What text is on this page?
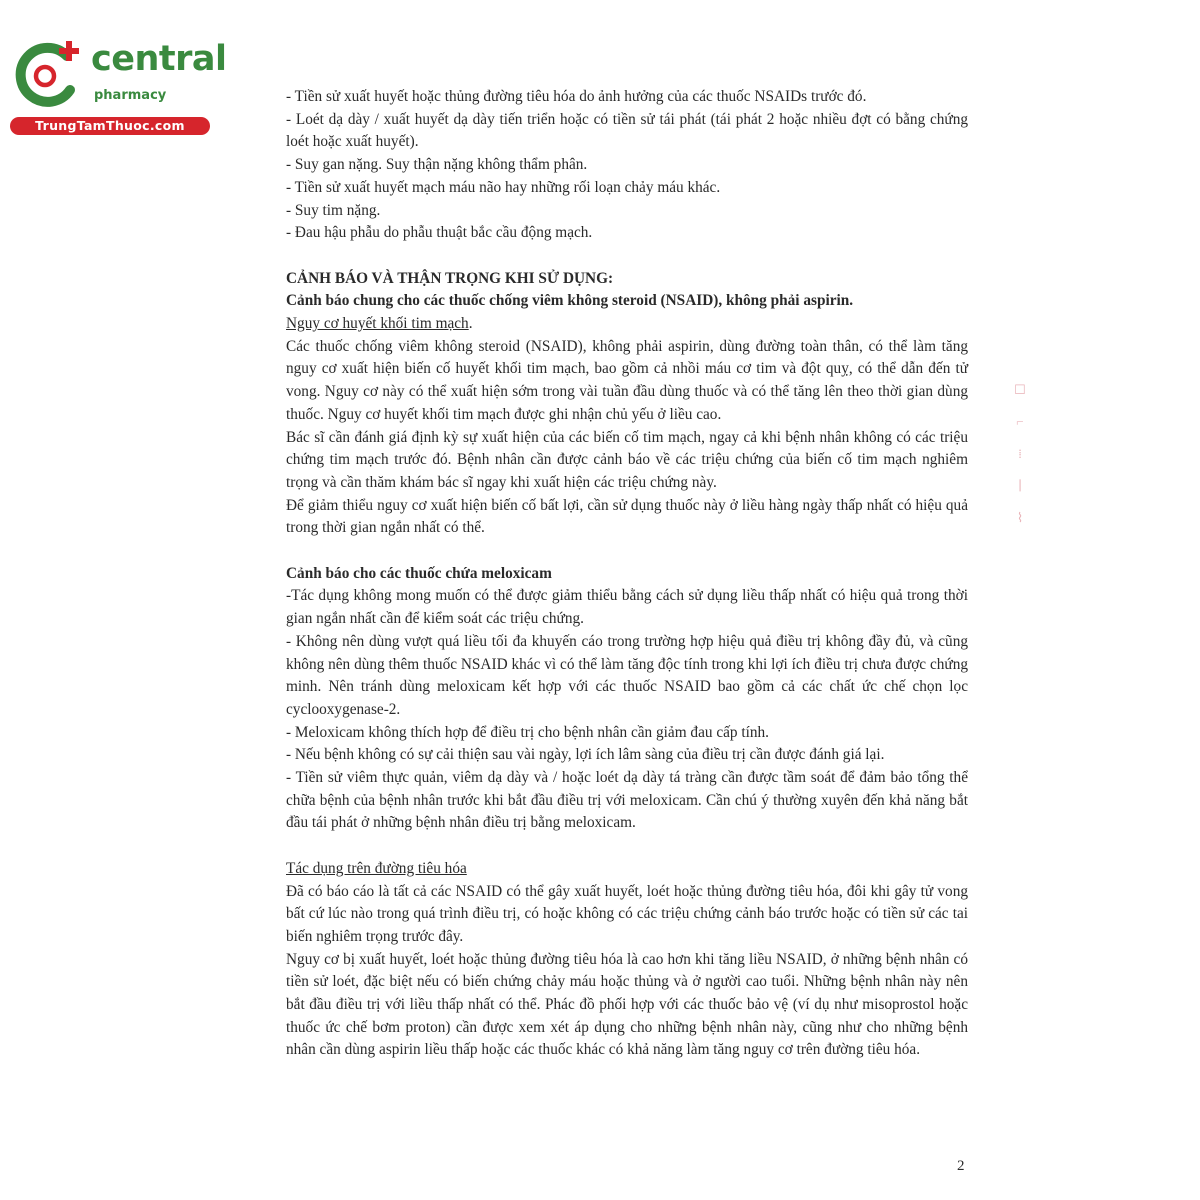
central
pharmacy
TrungTamThuoc.com
☐
⌐
⁞
∣
⌇

- Tiền sử xuất huyết hoặc thủng đường tiêu hóa do ảnh hưởng của các thuốc NSAIDs trước đó.

- Loét dạ dày / xuất huyết dạ dày tiến triển hoặc có tiền sử tái phát (tái phát 2 hoặc nhiều đợt có bằng chứng loét hoặc xuất huyết).

- Suy gan nặng. Suy thận nặng không thẩm phân.

- Tiền sử xuất huyết mạch máu não hay những rối loạn chảy máu khác.

- Suy tim nặng.

- Đau hậu phẫu do phẫu thuật bắc cầu động mạch.

CẢNH BÁO VÀ THẬN TRỌNG KHI SỬ DỤNG:

Cảnh báo chung cho các thuốc chống viêm không steroid (NSAID), không phải aspirin.

Nguy cơ huyết khối tim mạch.

Các thuốc chống viêm không steroid (NSAID), không phải aspirin, dùng đường toàn thân, có thể làm tăng nguy cơ xuất hiện biến cố huyết khối tim mạch, bao gồm cả nhồi máu cơ tim và đột quỵ, có thể dẫn đến tử vong. Nguy cơ này có thể xuất hiện sớm trong vài tuần đầu dùng thuốc và có thể tăng lên theo thời gian dùng thuốc. Nguy cơ huyết khối tim mạch được ghi nhận chủ yếu ở liều cao.

Bác sĩ cần đánh giá định kỳ sự xuất hiện của các biến cố tim mạch, ngay cả khi bệnh nhân không có các triệu chứng tim mạch trước đó. Bệnh nhân cần được cảnh báo về các triệu chứng của biến cố tim mạch nghiêm trọng và cần thăm khám bác sĩ ngay khi xuất hiện các triệu chứng này.

Để giảm thiểu nguy cơ xuất hiện biến cố bất lợi, cần sử dụng thuốc này ở liều hàng ngày thấp nhất có hiệu quả trong thời gian ngắn nhất có thể.

Cảnh báo cho các thuốc chứa meloxicam

-Tác dụng không mong muốn có thể được giảm thiểu bằng cách sử dụng liều thấp nhất có hiệu quả trong thời gian ngắn nhất cần để kiểm soát các triệu chứng.

- Không nên dùng vượt quá liều tối đa khuyến cáo trong trường hợp hiệu quả điều trị không đầy đủ, và cũng không nên dùng thêm thuốc NSAID khác vì có thể làm tăng độc tính trong khi lợi ích điều trị chưa được chứng minh. Nên tránh dùng meloxicam kết hợp với các thuốc NSAID bao gồm cả các chất ức chế chọn lọc cyclooxygenase-2.

- Meloxicam không thích hợp để điều trị cho bệnh nhân cần giảm đau cấp tính.

- Nếu bệnh không có sự cải thiện sau vài ngày, lợi ích lâm sàng của điều trị cần được đánh giá lại.

- Tiền sử viêm thực quản, viêm dạ dày và / hoặc loét dạ dày tá tràng cần được tầm soát để đảm bảo tổng thể chữa bệnh của bệnh nhân trước khi bắt đầu điều trị với meloxicam. Cần chú ý thường xuyên đến khả năng bắt đầu tái phát ở những bệnh nhân điều trị bằng meloxicam.

Tác dụng trên đường tiêu hóa

Đã có báo cáo là tất cả các NSAID có thể gây xuất huyết, loét hoặc thủng đường tiêu hóa, đôi khi gây tử vong bất cứ lúc nào trong quá trình điều trị, có hoặc không có các triệu chứng cảnh báo trước hoặc có tiền sử các tai biến nghiêm trọng trước đây.

Nguy cơ bị xuất huyết, loét hoặc thủng đường tiêu hóa là cao hơn khi tăng liều NSAID, ở những bệnh nhân có tiền sử loét, đặc biệt nếu có biến chứng chảy máu hoặc thủng và ở người cao tuổi. Những bệnh nhân này nên bắt đầu điều trị với liều thấp nhất có thể. Phác đồ phối hợp với các thuốc bảo vệ (ví dụ như misoprostol hoặc thuốc ức chế bơm proton) cần được xem xét áp dụng cho những bệnh nhân này, cũng như cho những bệnh nhân cần dùng aspirin liều thấp hoặc các thuốc khác có khả năng làm tăng nguy cơ trên đường tiêu hóa.

2
